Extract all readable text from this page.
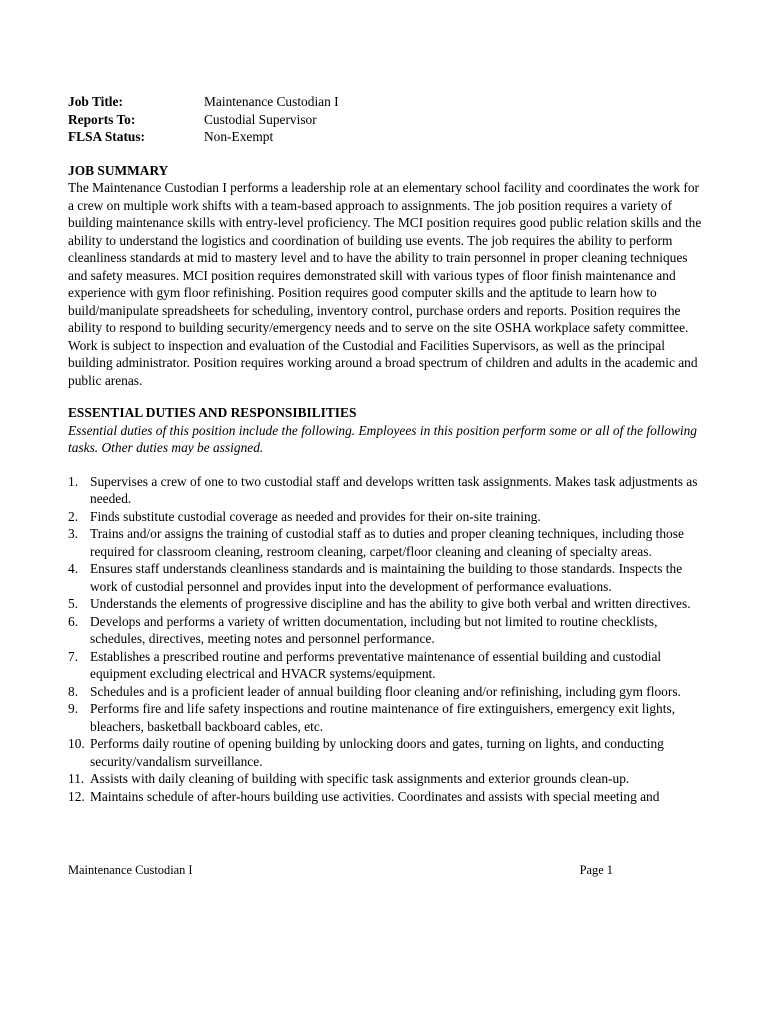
Job Title:	Maintenance Custodian I
Reports To:	Custodial Supervisor
FLSA Status:	Non-Exempt
JOB SUMMARY

The Maintenance Custodian I performs a leadership role at an elementary school facility and coordinates the work for a crew on multiple work shifts with a team-based approach to assignments. The job position requires a variety of building maintenance skills with entry-level proficiency. The MCI position requires good public relation skills and the ability to understand the logistics and coordination of building use events. The job requires the ability to perform cleanliness standards at mid to mastery level and to have the ability to train personnel in proper cleaning techniques and safety measures. MCI position requires demonstrated skill with various types of floor finish maintenance and experience with gym floor refinishing. Position requires good computer skills and the aptitude to learn how to build/manipulate spreadsheets for scheduling, inventory control, purchase orders and reports. Position requires the ability to respond to building security/emergency needs and to serve on the site OSHA workplace safety committee. Work is subject to inspection and evaluation of the Custodial and Facilities Supervisors, as well as the principal building administrator. Position requires working around a broad spectrum of children and adults in the academic and public arenas.

ESSENTIAL DUTIES AND RESPONSIBILITIES

Essential duties of this position include the following. Employees in this position perform some or all of the following tasks. Other duties may be assigned.

1. Supervises a crew of one to two custodial staff and develops written task assignments. Makes task adjustments as needed.
2. Finds substitute custodial coverage as needed and provides for their on-site training.
3. Trains and/or assigns the training of custodial staff as to duties and proper cleaning techniques, including those required for classroom cleaning, restroom cleaning, carpet/floor cleaning and cleaning of specialty areas.
4. Ensures staff understands cleanliness standards and is maintaining the building to those standards. Inspects the work of custodial personnel and provides input into the development of performance evaluations.
5. Understands the elements of progressive discipline and has the ability to give both verbal and written directives.
6. Develops and performs a variety of written documentation, including but not limited to routine checklists, schedules, directives, meeting notes and personnel performance.
7. Establishes a prescribed routine and performs preventative maintenance of essential building and custodial equipment excluding electrical and HVACR systems/equipment.
8. Schedules and is a proficient leader of annual building floor cleaning and/or refinishing, including gym floors.
9. Performs fire and life safety inspections and routine maintenance of fire extinguishers, emergency exit lights, bleachers, basketball backboard cables, etc.
10. Performs daily routine of opening building by unlocking doors and gates, turning on lights, and conducting security/vandalism surveillance.
11. Assists with daily cleaning of building with specific task assignments and exterior grounds clean-up.
12. Maintains schedule of after-hours building use activities. Coordinates and assists with special meeting and
Maintenance Custodian I	Page 1
